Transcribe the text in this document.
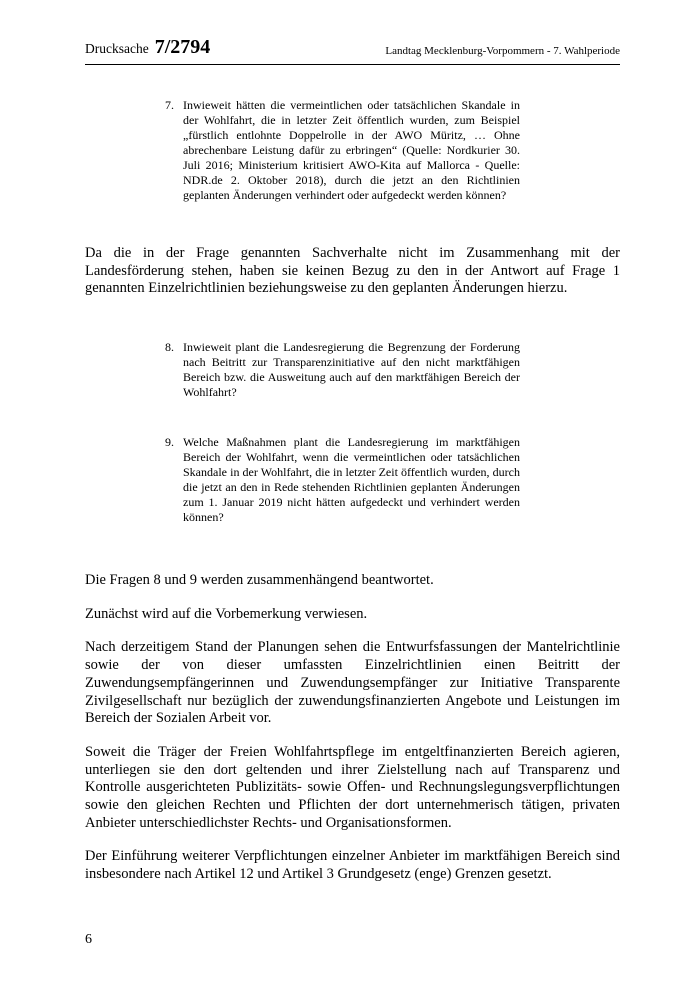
Drucksache 7/2794	Landtag Mecklenburg-Vorpommern - 7. Wahlperiode
7. Inwieweit hätten die vermeintlichen oder tatsächlichen Skandale in der Wohlfahrt, die in letzter Zeit öffentlich wurden, zum Beispiel „fürstlich entlohnte Doppelrolle in der AWO Müritz, … Ohne abrechenbare Leistung dafür zu erbringen“ (Quelle: Nordkurier 30. Juli 2016; Ministerium kritisiert AWO-Kita auf Mallorca - Quelle: NDR.de 2. Oktober 2018), durch die jetzt an den Richtlinien geplanten Änderungen verhindert oder aufgedeckt werden können?

Da die in der Frage genannten Sachverhalte nicht im Zusammenhang mit der Landesförderung stehen, haben sie keinen Bezug zu den in der Antwort auf Frage 1 genannten Einzelrichtlinien beziehungsweise zu den geplanten Änderungen hierzu.

8. Inwieweit plant die Landesregierung die Begrenzung der Forderung nach Beitritt zur Transparenzinitiative auf den nicht marktfähigen Bereich bzw. die Ausweitung auch auf den marktfähigen Bereich der Wohlfahrt?
9. Welche Maßnahmen plant die Landesregierung im marktfähigen Bereich der Wohlfahrt, wenn die vermeintlichen oder tatsächlichen Skandale in der Wohlfahrt, die in letzter Zeit öffentlich wurden, durch die jetzt an den in Rede stehenden Richtlinien geplanten Änderungen zum 1. Januar 2019 nicht hätten aufgedeckt und verhindert werden können?

Die Fragen 8 und 9 werden zusammenhängend beantwortet.

Zunächst wird auf die Vorbemerkung verwiesen.

Nach derzeitigem Stand der Planungen sehen die Entwurfsfassungen der Mantelrichtlinie sowie der von dieser umfassten Einzelrichtlinien einen Beitritt der Zuwendungsempfängerinnen und Zuwendungsempfänger zur Initiative Transparente Zivilgesellschaft nur bezüglich der zuwendungsfinanzierten Angebote und Leistungen im Bereich der Sozialen Arbeit vor.

Soweit die Träger der Freien Wohlfahrtspflege im entgeltfinanzierten Bereich agieren, unterliegen sie den dort geltenden und ihrer Zielstellung nach auf Transparenz und Kontrolle ausgerichteten Publizitäts- sowie Offen- und Rechnungslegungsverpflichtungen sowie den gleichen Rechten und Pflichten der dort unternehmerisch tätigen, privaten Anbieter unterschiedlichster Rechts- und Organisationsformen.

Der Einführung weiterer Verpflichtungen einzelner Anbieter im marktfähigen Bereich sind insbesondere nach Artikel 12 und Artikel 3 Grundgesetz (enge) Grenzen gesetzt.

6
